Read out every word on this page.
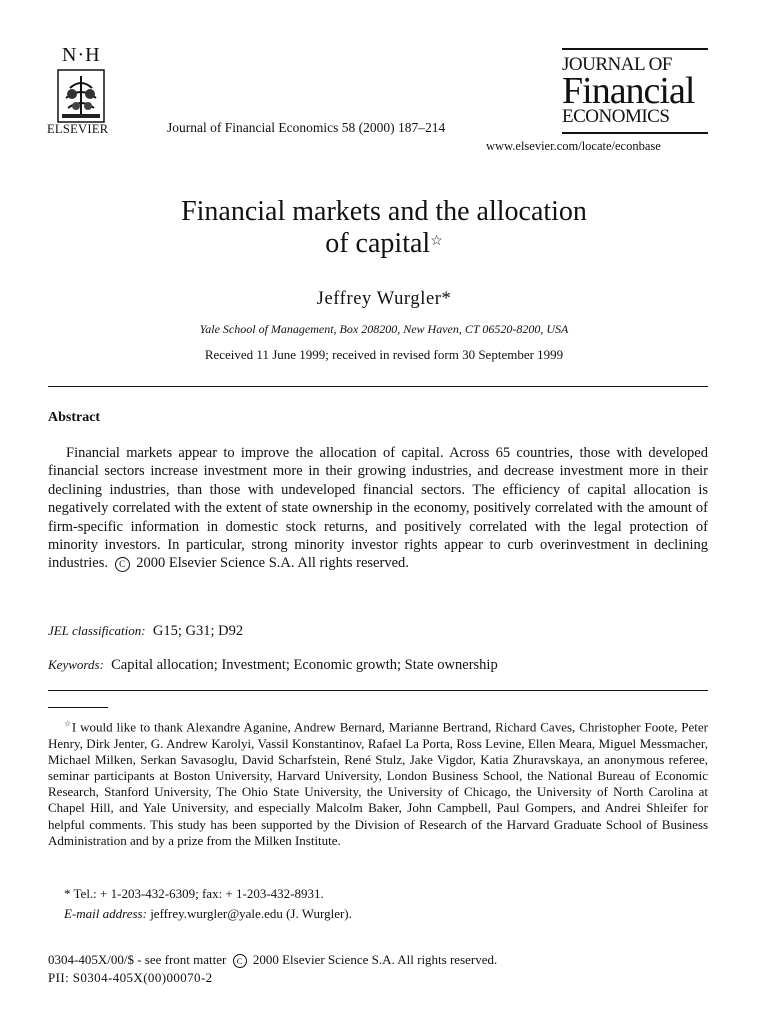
N·H
ELSEVIER	Journal of Financial Economics 58 (2000) 187–214
JOURNAL OF
Financial
ECONOMICS
www.elsevier.com/locate/econbase
Financial markets and the allocation
of capital☆
Jeffrey Wurgler*
Yale School of Management, Box 208200, New Haven, CT 06520-8200, USA
Received 11 June 1999; received in revised form 30 September 1999
Abstract
Financial markets appear to improve the allocation of capital. Across 65 countries, those with developed financial sectors increase investment more in their growing industries, and decrease investment more in their declining industries, than those with undeveloped financial sectors. The efficiency of capital allocation is negatively correlated with the extent of state ownership in the economy, positively correlated with the amount of firm-specific information in domestic stock returns, and positively correlated with the legal protection of minority investors. In particular, strong minority investor rights appear to curb overinvestment in declining industries. C 2000 Elsevier Science S.A. All rights reserved.
JEL classification: G15; G31; D92
Keywords: Capital allocation; Investment; Economic growth; State ownership
☆I would like to thank Alexandre Aganine, Andrew Bernard, Marianne Bertrand, Richard Caves, Christopher Foote, Peter Henry, Dirk Jenter, G. Andrew Karolyi, Vassil Konstantinov, Rafael La Porta, Ross Levine, Ellen Meara, Miguel Messmacher, Michael Milken, Serkan Savasoglu, David Scharfstein, René Stulz, Jake Vigdor, Katia Zhuravskaya, an anonymous referee, seminar participants at Boston University, Harvard University, London Business School, the National Bureau of Economic Research, Stanford University, The Ohio State University, the University of Chicago, the University of North Carolina at Chapel Hill, and Yale University, and especially Malcolm Baker, John Campbell, Paul Gompers, and Andrei Shleifer for helpful comments. This study has been supported by the Division of Research of the Harvard Graduate School of Business Administration and by a prize from the Milken Institute.
* Tel.: + 1-203-432-6309; fax: + 1-203-432-8931.
E-mail address: jeffrey.wurgler@yale.edu (J. Wurgler).
0304-405X/00/$ - see front matter C 2000 Elsevier Science S.A. All rights reserved.
PII: S0304-405X(00)00070-2
